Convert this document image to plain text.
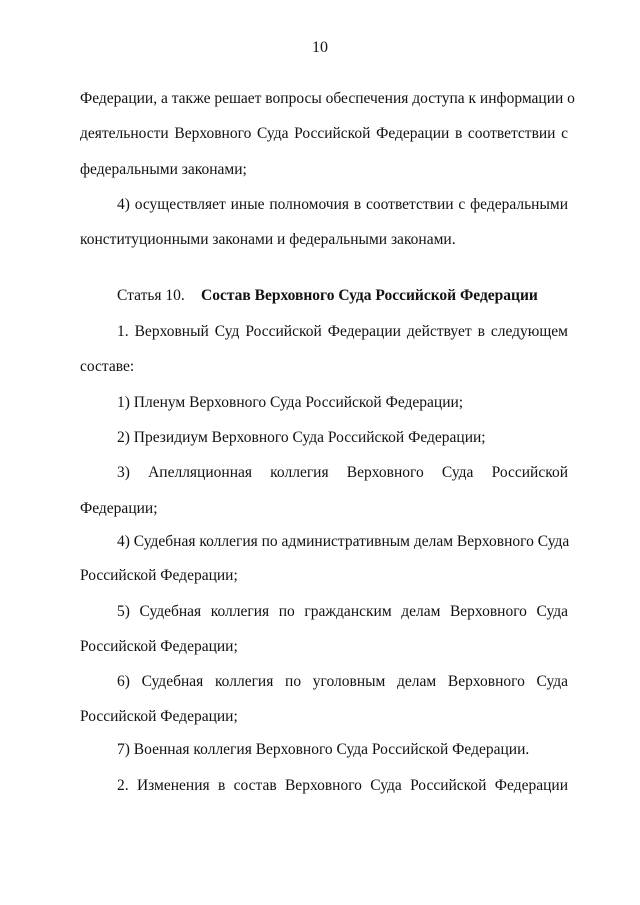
10
Федерации, а также решает вопросы обеспечения доступа к информации о
деятельности Верховного Суда Российской Федерации в соответствии с
федеральными законами;
4) осуществляет иные полномочия в соответствии с федеральными
конституционными законами и федеральными законами.
Статья 10. Состав Верховного Суда Российской Федерации
1. Верховный Суд Российской Федерации действует в следующем
составе:
1) Пленум Верховного Суда Российской Федерации;
2) Президиум Верховного Суда Российской Федерации;
3) Апелляционная коллегия Верховного Суда Российской
Федерации;
4) Судебная коллегия по административным делам Верховного Суда
Российской Федерации;
5) Судебная коллегия по гражданским делам Верховного Суда
Российской Федерации;
6) Судебная коллегия по уголовным делам Верховного Суда
Российской Федерации;
7) Военная коллегия Верховного Суда Российской Федерации.
2. Изменения в состав Верховного Суда Российской Федерации
